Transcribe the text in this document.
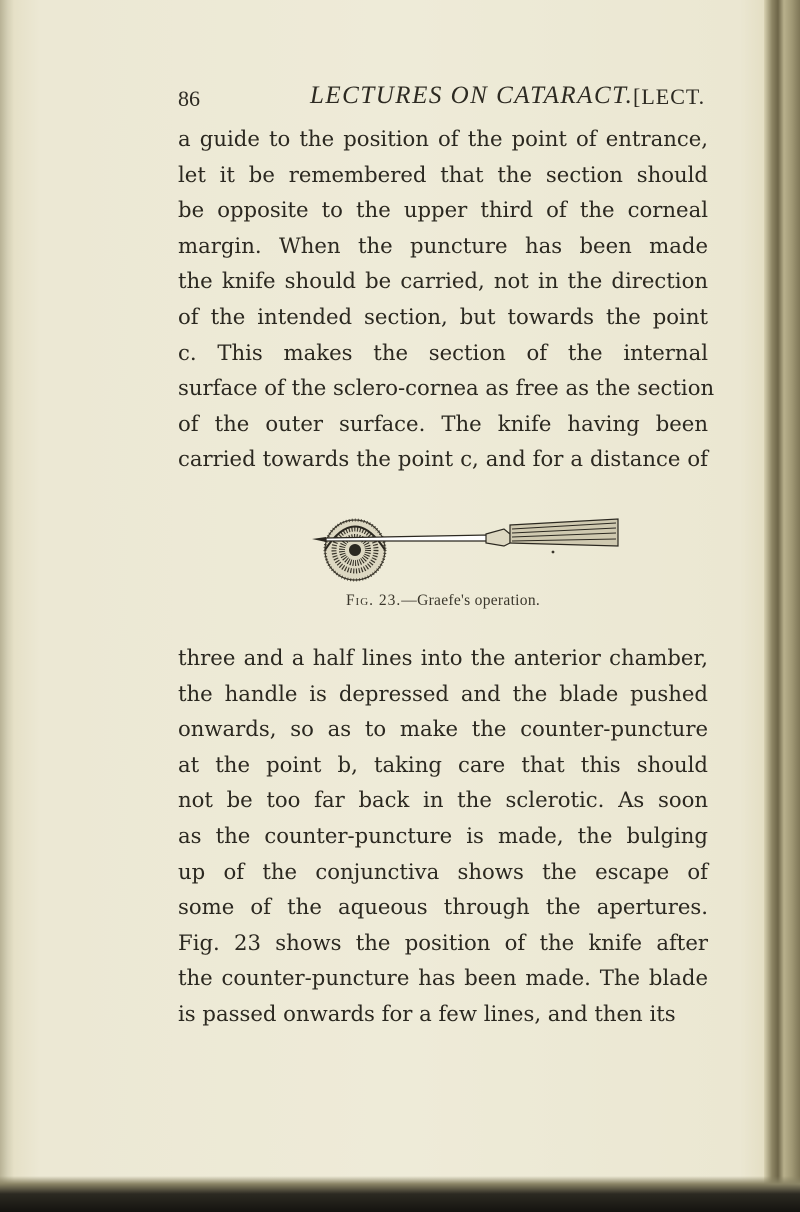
86	LECTURES ON CATARACT. [LECT.
a guide to the position of the point of entrance,
let it be remembered that the section should
be opposite to the upper third of the corneal
margin. When the puncture has been made
the knife should be carried, not in the direction
of the intended section, but towards the point
c. This makes the section of the internal
surface of the sclero-cornea as free as the section
of the outer surface. The knife having been
carried towards the point c, and for a distance of
Fig. 23.—Graefe's operation.
three and a half lines into the anterior chamber,
the handle is depressed and the blade pushed
onwards, so as to make the counter-puncture
at the point b, taking care that this should
not be too far back in the sclerotic. As soon
as the counter-puncture is made, the bulging
up of the conjunctiva shows the escape of
some of the aqueous through the apertures.
Fig. 23 shows the position of the knife after
the counter-puncture has been made. The blade
is passed onwards for a few lines, and then its
